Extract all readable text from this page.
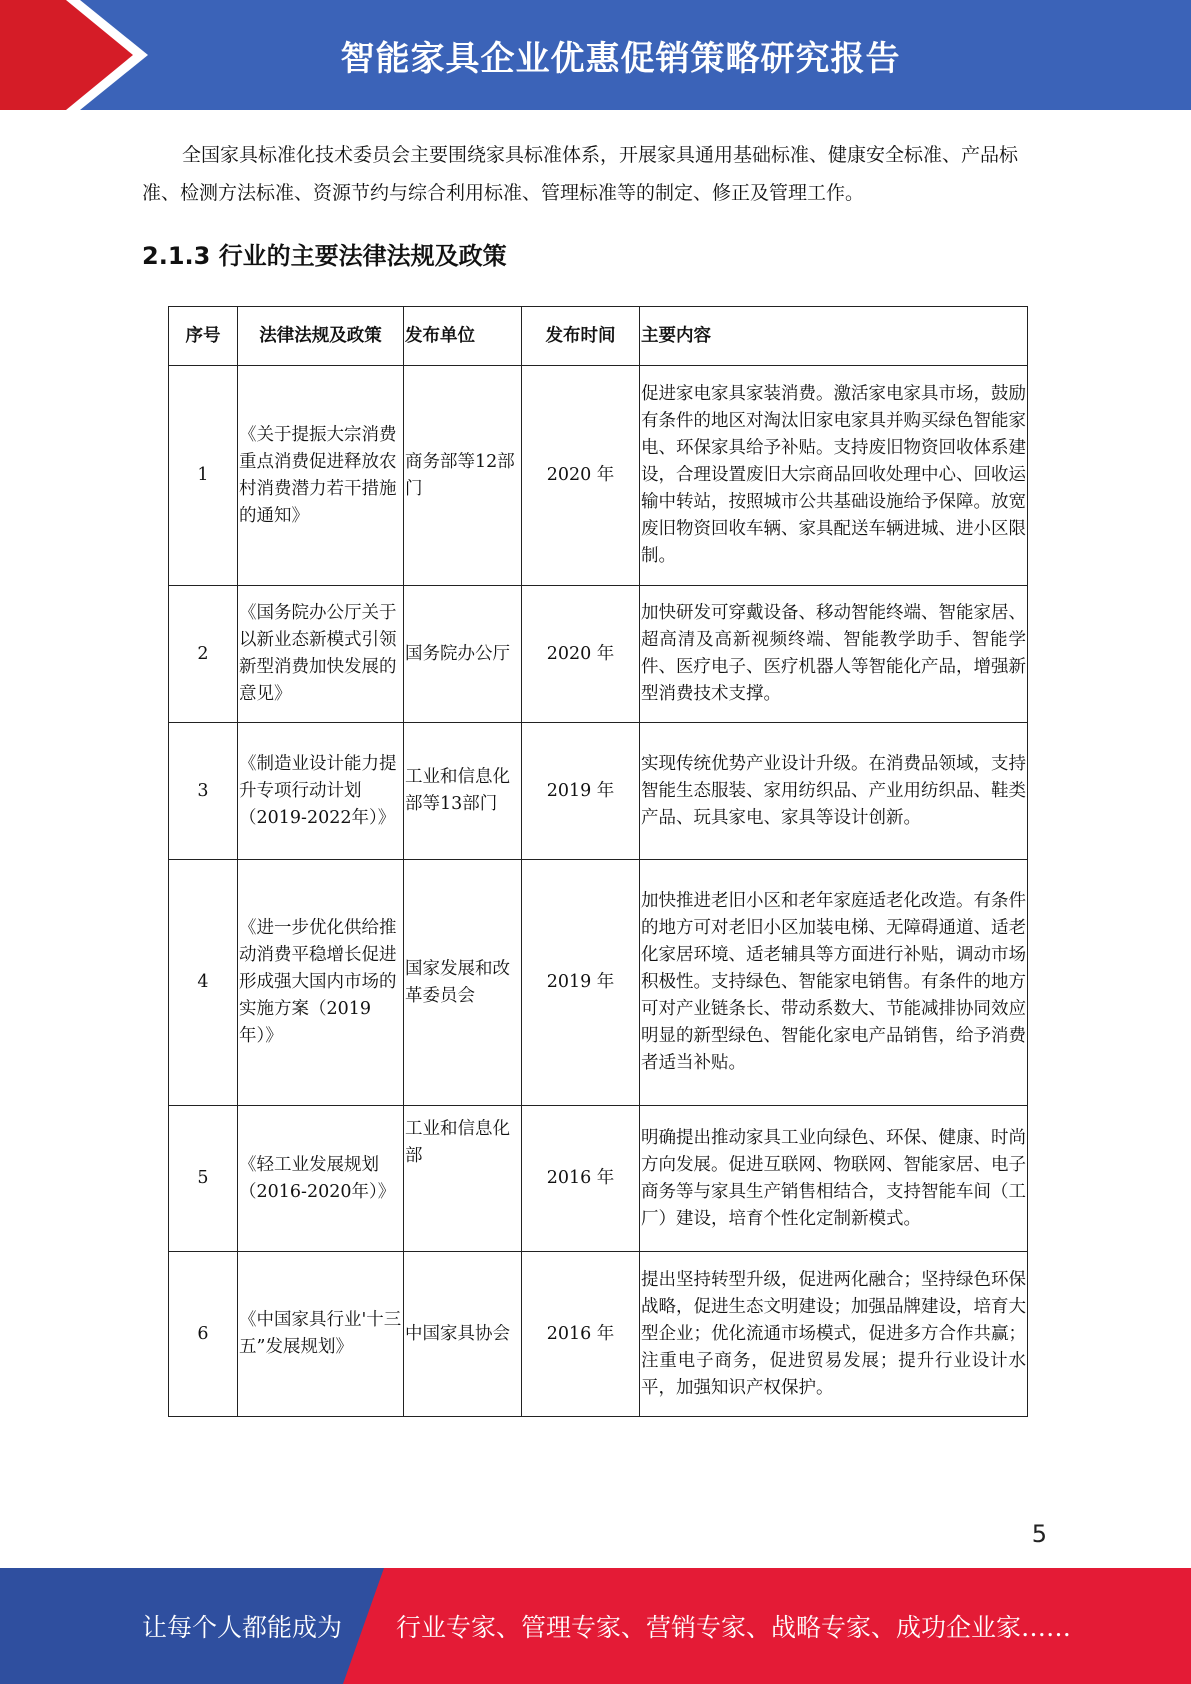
智能家具企业优惠促销策略研究报告
全国家具标准化技术委员会主要围绕家具标准体系，开展家具通用基础标准、健康安全标准、产品标准、检测方法标准、资源节约与综合利用标准、管理标准等的制定、修正及管理工作。
2.1.3 行业的主要法律法规及政策
序号	法律法规及政策	发布单位	发布时间	主要内容
1	《关于提振大宗消费重点消费促进释放农村消费潜力若干措施的通知》	商务部等12部门	2020 年	促进家电家具家装消费。激活家电家具市场，鼓励有条件的地区对淘汰旧家电家具并购买绿色智能家电、环保家具给予补贴。支持废旧物资回收体系建设，合理设置废旧大宗商品回收处理中心、回收运输中转站，按照城市公共基础设施给予保障。放宽废旧物资回收车辆、家具配送车辆进城、进小区限制。
2	《国务院办公厅关于以新业态新模式引领新型消费加快发展的意见》	国务院办公厅	2020 年	加快研发可穿戴设备、移动智能终端、智能家居、超高清及高新视频终端、智能教学助手、智能学件、医疗电子、医疗机器人等智能化产品，增强新型消费技术支撑。
3	《制造业设计能力提升专项行动计划（2019-2022年）》	工业和信息化部等13部门	2019 年	实现传统优势产业设计升级。在消费品领域，支持智能生态服装、家用纺织品、产业用纺织品、鞋类产品、玩具家电、家具等设计创新。
4	《进一步优化供给推动消费平稳增长促进形成强大国内市场的实施方案（2019年）》	国家发展和改革委员会	2019 年	加快推进老旧小区和老年家庭适老化改造。有条件的地方可对老旧小区加装电梯、无障碍通道、适老化家居环境、适老辅具等方面进行补贴，调动市场积极性。支持绿色、智能家电销售。有条件的地方可对产业链条长、带动系数大、节能减排协同效应明显的新型绿色、智能化家电产品销售，给予消费者适当补贴。
5	《轻工业发展规划（2016-2020年）》	工业和信息化部	2016 年	明确提出推动家具工业向绿色、环保、健康、时尚方向发展。促进互联网、物联网、智能家居、电子商务等与家具生产销售相结合，支持智能车间（工厂）建设，培育个性化定制新模式。
6	《中国家具行业'十三五”发展规划》	中国家具协会	2016 年	提出坚持转型升级，促进两化融合；坚持绿色环保战略，促进生态文明建设；加强品牌建设，培育大型企业；优化流通市场模式，促进多方合作共赢；注重电子商务，促进贸易发展；提升行业设计水平，加强知识产权保护。
5
让每个人都能成为 行业专家、管理专家、营销专家、战略专家、成功企业家……
